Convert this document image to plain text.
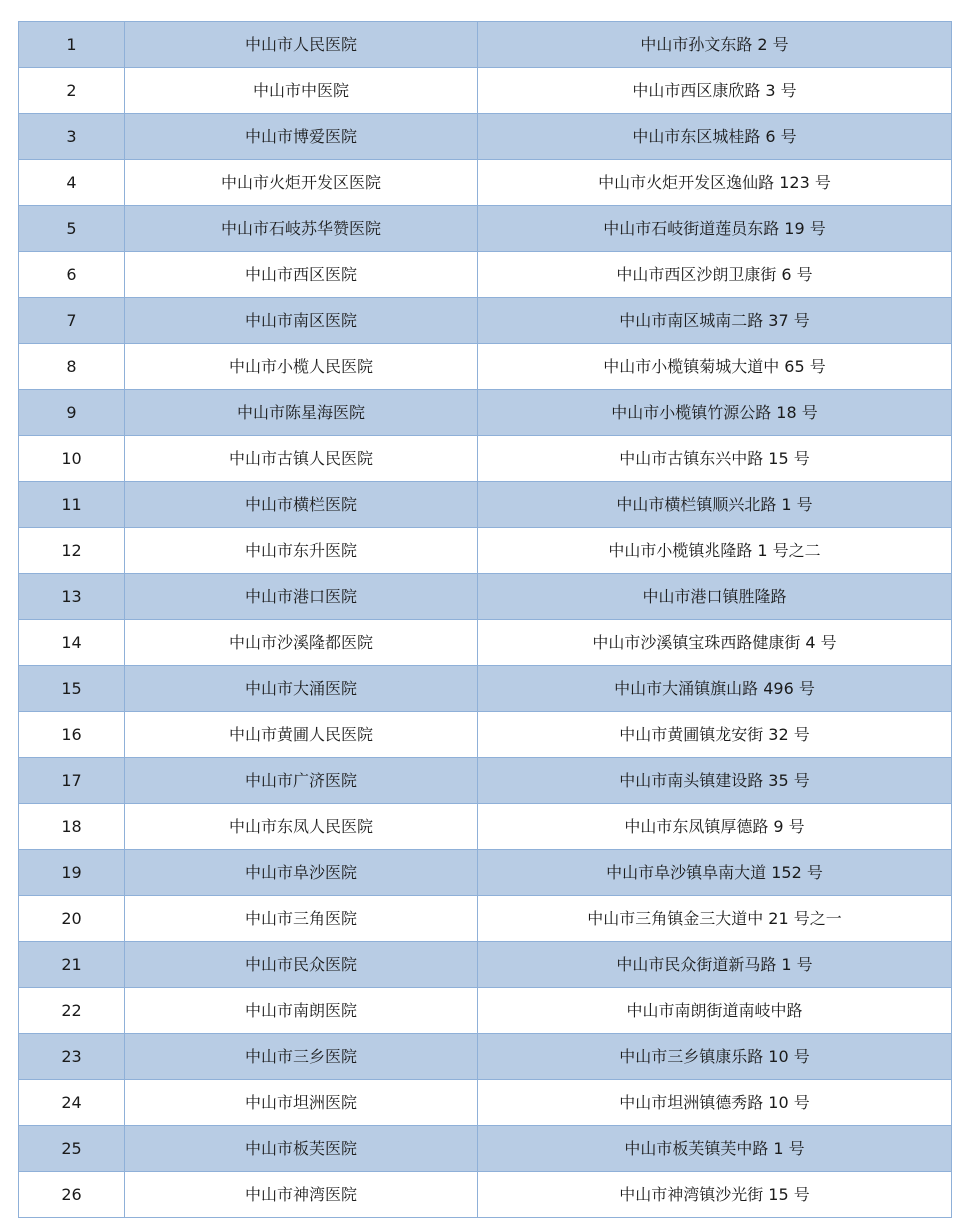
1	中山市人民医院	中山市孙文东路 2 号
2	中山市中医院	中山市西区康欣路 3 号
3	中山市博爱医院	中山市东区城桂路 6 号
4	中山市火炬开发区医院	中山市火炬开发区逸仙路 123 号
5	中山市石岐苏华赞医院	中山市石岐街道莲员东路 19 号
6	中山市西区医院	中山市西区沙朗卫康街 6 号
7	中山市南区医院	中山市南区城南二路 37 号
8	中山市小榄人民医院	中山市小榄镇菊城大道中 65 号
9	中山市陈星海医院	中山市小榄镇竹源公路 18 号
10	中山市古镇人民医院	中山市古镇东兴中路 15 号
11	中山市横栏医院	中山市横栏镇顺兴北路 1 号
12	中山市东升医院	中山市小榄镇兆隆路 1 号之二
13	中山市港口医院	中山市港口镇胜隆路
14	中山市沙溪隆都医院	中山市沙溪镇宝珠西路健康街 4 号
15	中山市大涌医院	中山市大涌镇旗山路 496 号
16	中山市黄圃人民医院	中山市黄圃镇龙安街 32 号
17	中山市广济医院	中山市南头镇建设路 35 号
18	中山市东凤人民医院	中山市东凤镇厚德路 9 号
19	中山市阜沙医院	中山市阜沙镇阜南大道 152 号
20	中山市三角医院	中山市三角镇金三大道中 21 号之一
21	中山市民众医院	中山市民众街道新马路 1 号
22	中山市南朗医院	中山市南朗街道南岐中路
23	中山市三乡医院	中山市三乡镇康乐路 10 号
24	中山市坦洲医院	中山市坦洲镇德秀路 10 号
25	中山市板芙医院	中山市板芙镇芙中路 1 号
26	中山市神湾医院	中山市神湾镇沙光街 15 号
